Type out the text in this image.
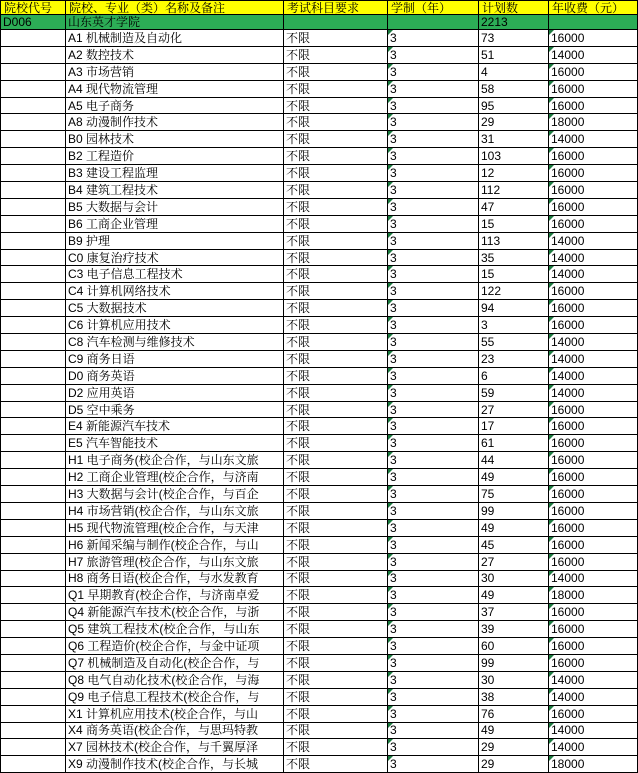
院校代号	院校、专业（类）名称及备注	考试科目要求	学制（年）	计划数	年收费（元）
D006	山东英才学院			2213	
	A1 机械制造及自动化	不限	3	73	16000
	A2 数控技术	不限	3	51	14000
	A3 市场营销	不限	3	4	16000
	A4 现代物流管理	不限	3	58	16000
	A5 电子商务	不限	3	95	16000
	A8 动漫制作技术	不限	3	29	18000
	B0 园林技术	不限	3	31	14000
	B2 工程造价	不限	3	103	16000
	B3 建设工程监理	不限	3	12	16000
	B4 建筑工程技术	不限	3	112	16000
	B5 大数据与会计	不限	3	47	16000
	B6 工商企业管理	不限	3	15	16000
	B9 护理	不限	3	113	14000
	C0 康复治疗技术	不限	3	35	14000
	C3 电子信息工程技术	不限	3	15	14000
	C4 计算机网络技术	不限	3	122	16000
	C5 大数据技术	不限	3	94	16000
	C6 计算机应用技术	不限	3	3	16000
	C8 汽车检测与维修技术	不限	3	55	14000
	C9 商务日语	不限	3	23	14000
	D0 商务英语	不限	3	6	14000
	D2 应用英语	不限	3	59	14000
	D5 空中乘务	不限	3	27	16000
	E4 新能源汽车技术	不限	3	17	16000
	E5 汽车智能技术	不限	3	61	16000
	H1 电子商务(校企合作，与山东文旅	不限	3	44	16000
	H2 工商企业管理(校企合作，与济南	不限	3	49	16000
	H3 大数据与会计(校企合作，与百企	不限	3	75	16000
	H4 市场营销(校企合作，与山东文旅	不限	3	99	16000
	H5 现代物流管理(校企合作，与天津	不限	3	49	16000
	H6 新闻采编与制作(校企合作，与山	不限	3	45	16000
	H7 旅游管理(校企合作，与山东文旅	不限	3	27	16000
	H8 商务日语(校企合作，与水发教育	不限	3	30	14000
	Q1 早期教育(校企合作，与济南卓爱	不限	3	49	18000
	Q4 新能源汽车技术(校企合作，与浙	不限	3	37	16000
	Q5 建筑工程技术(校企合作，与山东	不限	3	39	16000
	Q6 工程造价(校企合作，与金中证项	不限	3	60	16000
	Q7 机械制造及自动化(校企合作，与	不限	3	99	16000
	Q8 电气自动化技术(校企合作，与海	不限	3	30	14000
	Q9 电子信息工程技术(校企合作，与	不限	3	38	14000
	X1 计算机应用技术(校企合作，与山	不限	3	76	16000
	X4 商务英语(校企合作，与思玛特教	不限	3	49	14000
	X7 园林技术(校企合作，与千翼厚泽	不限	3	29	14000
	X9 动漫制作技术(校企合作，与长城	不限	3	29	18000
